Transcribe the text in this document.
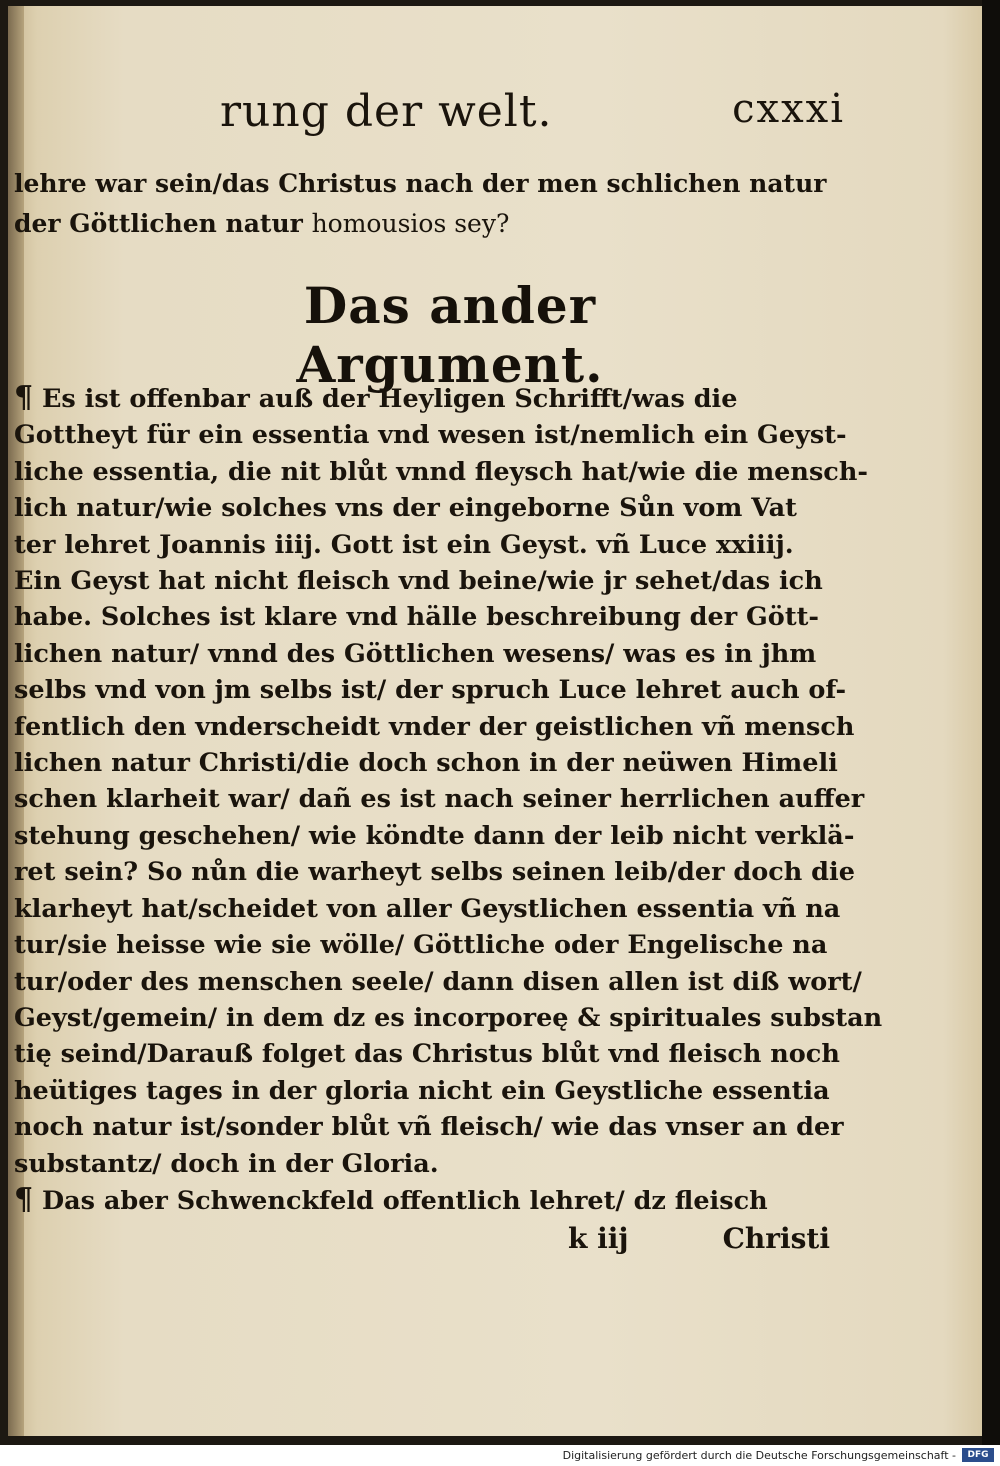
rung der welt.	cxxxi
lehre war sein/das Christus nach der men schlichen natur
der Göttlichen natur homousios sey?
Das ander Argument.
¶ Es ist offenbar auß der Heyligen Schrifft/was die
Gottheyt für ein essentia vnd wesen ist/nemlich ein Geyst-
liche essentia, die nit blůt vnnd fleysch hat/wie die mensch-
lich natur/wie solches vns der eingeborne Sůn vom Vat
ter lehret Joannis iiij. Gott ist ein Geyst. vñ Luce xxiiij.
Ein Geyst hat nicht fleisch vnd beine/wie jr sehet/das ich
habe. Solches ist klare vnd hälle beschreibung der Gött-
lichen natur/ vnnd des Göttlichen wesens/ was es in jhm
selbs vnd von jm selbs ist/ der spruch Luce lehret auch of-
fentlich den vnderscheidt vnder der geistlichen vñ mensch
lichen natur Christi/die doch schon in der neüwen Himeli
schen klarheit war/ dañ es ist nach seiner herrlichen auffer
stehung geschehen/ wie köndte dann der leib nicht verklä-
ret sein? So nůn die warheyt selbs seinen leib/der doch die
klarheyt hat/scheidet von aller Geystlichen essentia vñ na
tur/sie heisse wie sie wölle/ Göttliche oder Engelische na
tur/oder des menschen seele/ dann disen allen ist diß wort/
Geyst/gemein/ in dem dz es incorporeę & spirituales substan
tię seind/Darauß folget das Christus blůt vnd fleisch noch
heütiges tages in der gloria nicht ein Geystliche essentia
noch natur ist/sonder blůt vñ fleisch/ wie das vnser an der
substantz/ doch in der Gloria.
¶ Das aber Schwenckfeld offentlich lehret/ dz fleisch
k iij	Christi
Digitalisierung gefördert durch die Deutsche Forschungsgemeinschaft -	DFG
